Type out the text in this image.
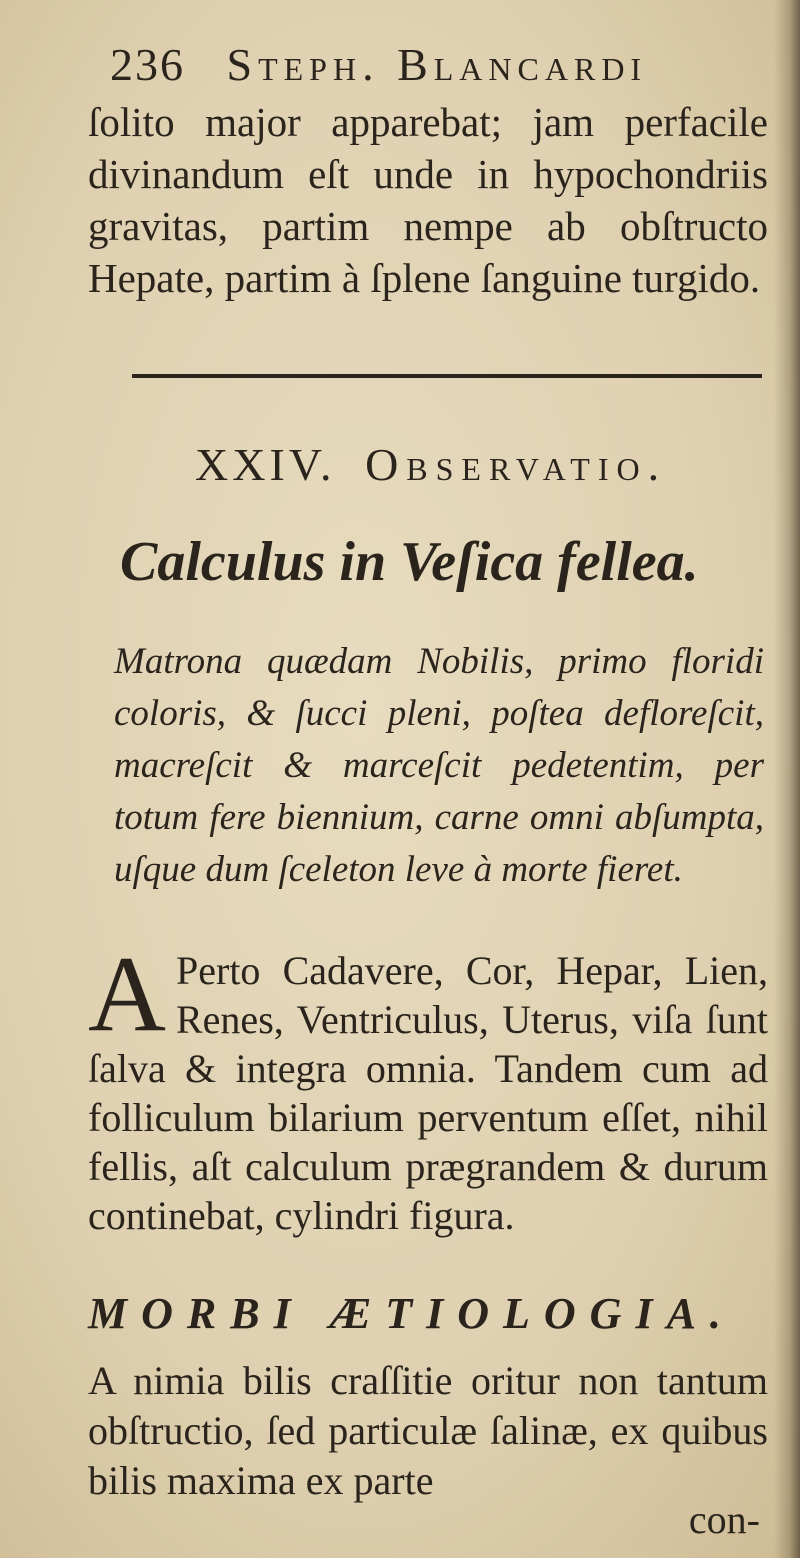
236 Steph. Blancardi
ſolito major apparebat; jam perfacile divinandum eſt unde in hypochondriis gravitas, partim nempe ab obſtructo Hepate, partim à ſplene ſanguine turgido.
XXIV. Observatio.
Calculus in Veſica fellea.
Matrona quædam Nobilis, primo floridi coloris, & ſucci pleni, poſtea defloreſcit, macreſcit & marceſcit pedetentim, per totum fere biennium, carne omni abſumpta, uſque dum ſceleton leve à morte fieret.
A Perto Cadavere, Cor, Hepar, Lien, Renes, Ventriculus, Uterus, viſa ſunt ſalva & integra omnia. Tandem cum ad folliculum bilarium perventum eſſet, nihil fellis, aſt calculum prægrandem & durum continebat, cylindri figura.
MORBI ÆTIOLOGIA.
A nimia bilis craſſitie oritur non tantum obſtructio, ſed particulæ ſalinæ, ex quibus bilis maxima ex parte
con-
